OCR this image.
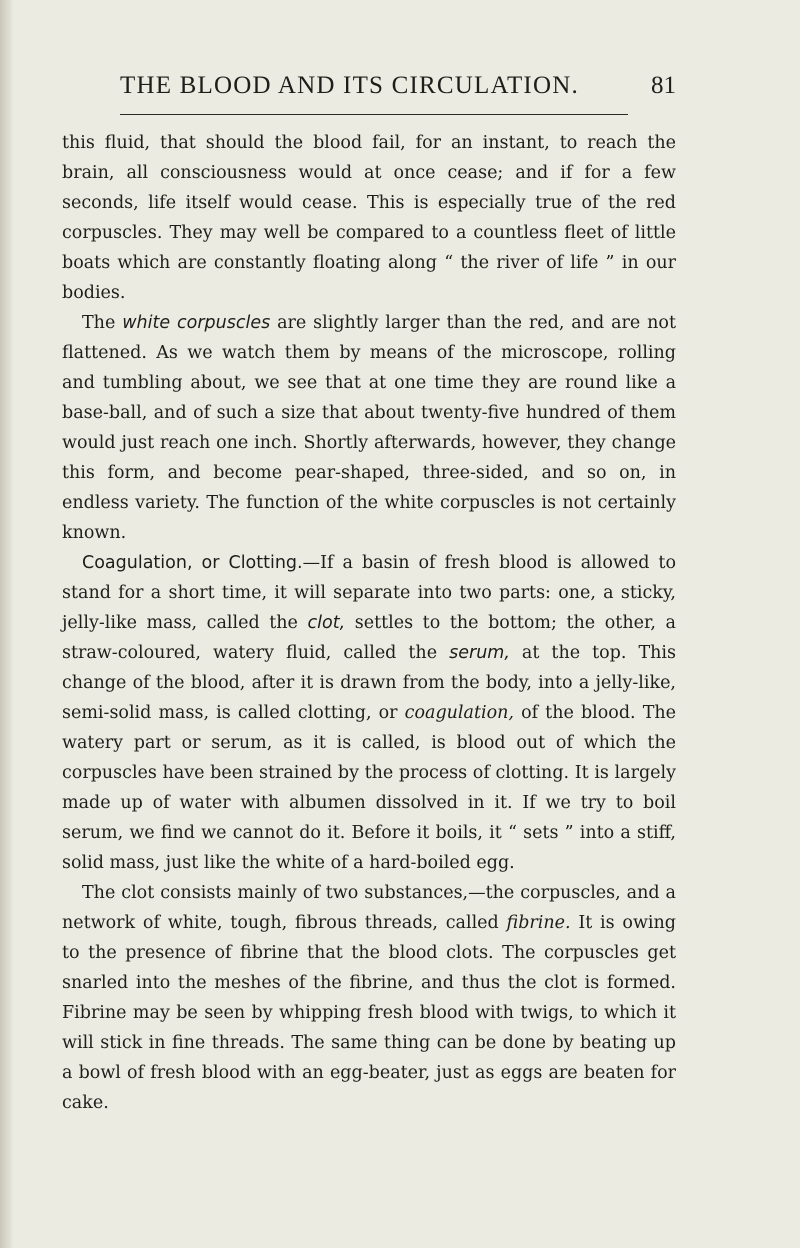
THE BLOOD AND ITS CIRCULATION.	81

this fluid, that should the blood fail, for an instant, to reach the brain, all consciousness would at once cease; and if for a few seconds, life itself would cease. This is especially true of the red corpuscles. They may well be compared to a countless fleet of little boats which are constantly floating along “ the river of life ” in our bodies.

The white corpuscles are slightly larger than the red, and are not flattened. As we watch them by means of the microscope, rolling and tumbling about, we see that at one time they are round like a base-ball, and of such a size that about twenty-five hundred of them would just reach one inch. Shortly afterwards, however, they change this form, and become pear-shaped, three-sided, and so on, in endless variety. The function of the white corpuscles is not certainly known.

Coagulation, or Clotting.—If a basin of fresh blood is allowed to stand for a short time, it will separate into two parts: one, a sticky, jelly-like mass, called the clot, settles to the bottom; the other, a straw-coloured, watery fluid, called the serum, at the top. This change of the blood, after it is drawn from the body, into a jelly-like, semi-solid mass, is called clotting, or coagulation, of the blood. The watery part or serum, as it is called, is blood out of which the corpuscles have been strained by the process of clotting. It is largely made up of water with albumen dissolved in it. If we try to boil serum, we find we cannot do it. Before it boils, it “ sets ” into a stiff, solid mass, just like the white of a hard-boiled egg.

The clot consists mainly of two substances,—the corpuscles, and a network of white, tough, fibrous threads, called fibrine. It is owing to the presence of fibrine that the blood clots. The corpuscles get snarled into the meshes of the fibrine, and thus the clot is formed. Fibrine may be seen by whipping fresh blood with twigs, to which it will stick in fine threads. The same thing can be done by beating up a bowl of fresh blood with an egg-beater, just as eggs are beaten for cake.
